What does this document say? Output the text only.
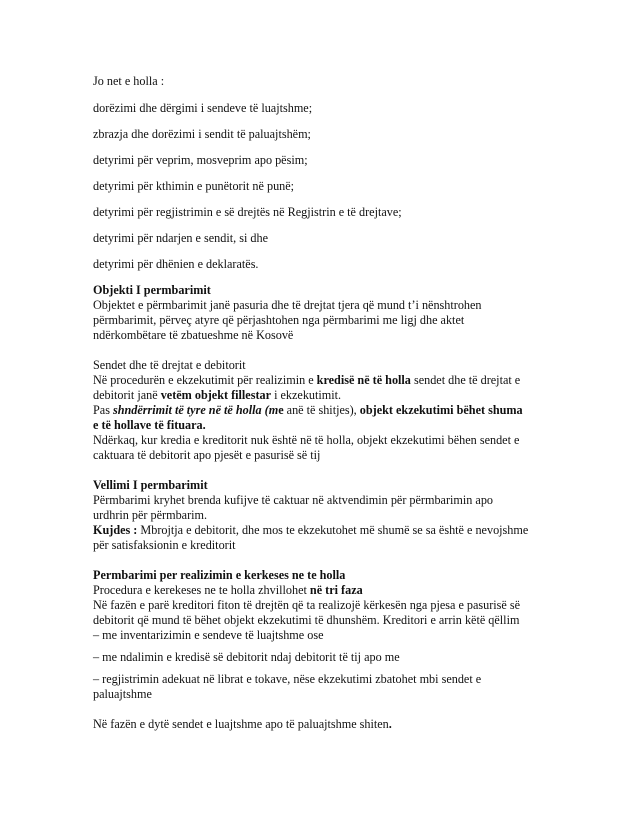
Jo net e holla :

dorëzimi dhe dërgimi i sendeve të luajtshme;

zbrazja dhe dorëzimi i sendit të paluajtshëm;

detyrimi për veprim, mosveprim apo pësim;

detyrimi për kthimin e punëtorit në punë;

detyrimi për regjistrimin e së drejtës në Regjistrin e të drejtave;

detyrimi për ndarjen e sendit, si dhe

detyrimi për dhënien e deklaratës.

Objekti I permbarimit

Objektet e përmbarimit janë pasuria dhe të drejtat tjera që mund t’i nënshtrohen

përmbarimit, përveç atyre që përjashtohen nga përmbarimi me ligj dhe aktet

ndërkombëtare të zbatueshme në Kosovë

Sendet dhe të drejtat e debitorit

Në procedurën e ekzekutimit për realizimin e kredisë në të holla sendet dhe të drejtat e

debitorit janë vetëm objekt fillestar i ekzekutimit.

Pas shndërrimit të tyre në të holla (me anë të shitjes), objekt ekzekutimi bëhet shuma

e të hollave të fituara.

Ndërkaq, kur kredia e kreditorit nuk është në të holla, objekt ekzekutimi bëhen sendet e

caktuara të debitorit apo pjesët e pasurisë së tij

Vellimi I permbarimit

Përmbarimi kryhet brenda kufijve të caktuar në aktvendimin për përmbarimin apo

urdhrin për përmbarim.

Kujdes : Mbrojtja e debitorit, dhe mos te ekzekutohet më shumë se sa është e nevojshme

për satisfaksionin e kreditorit

Permbarimi per realizimin e kerkeses ne te holla

Procedura e kerekeses ne te holla zhvillohet në tri faza

Në fazën e parë kreditori fiton të drejtën që ta realizojë kërkesën nga pjesa e pasurisë së

debitorit që mund të bëhet objekt ekzekutimi të dhunshëm. Kreditori e arrin këtë qëllim

– me inventarizimin e sendeve të luajtshme ose

– me ndalimin e kredisë së debitorit ndaj debitorit të tij apo me

– regjistrimin adekuat në librat e tokave, nëse ekzekutimi zbatohet mbi sendet e

paluajtshme

Në fazën e dytë sendet e luajtshme apo të paluajtshme shiten.
